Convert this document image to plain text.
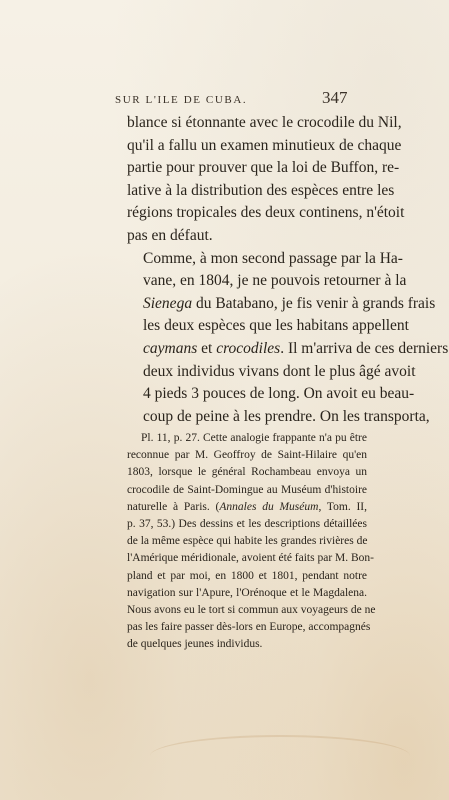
SUR L'ILE DE CUBA.	347

blance si étonnante avec le crocodile du Nil,
qu'il a fallu un examen minutieux de chaque
partie pour prouver que la loi de Buffon, re-
lative à la distribution des espèces entre les
régions tropicales des deux continens, n'étoit
pas en défaut.

Comme, à mon second passage par la Ha-
vane, en 1804, je ne pouvois retourner à la
Sienega du Batabano, je fis venir à grands frais
les deux espèces que les habitans appellent
caymans et crocodiles. Il m'arriva de ces derniers
deux individus vivans dont le plus âgé avoit
4 pieds 3 pouces de long. On avoit eu beau-
coup de peine à les prendre. On les transporta,

Pl. 11, p. 27. Cette analogie frappante n'a pu être
reconnue par M. Geoffroy de Saint-Hilaire qu'en
1803, lorsque le général Rochambeau envoya un
crocodile de Saint-Domingue au Muséum d'histoire
naturelle à Paris. (Annales du Muséum, Tom. II,
p. 37, 53.) Des dessins et les descriptions détaillées
de la même espèce qui habite les grandes rivières de
l'Amérique méridionale, avoient été faits par M. Bon-
pland et par moi, en 1800 et 1801, pendant notre
navigation sur l'Apure, l'Orénoque et le Magdalena.
Nous avons eu le tort si commun aux voyageurs de ne
pas les faire passer dès-lors en Europe, accompagnés
de quelques jeunes individus.
